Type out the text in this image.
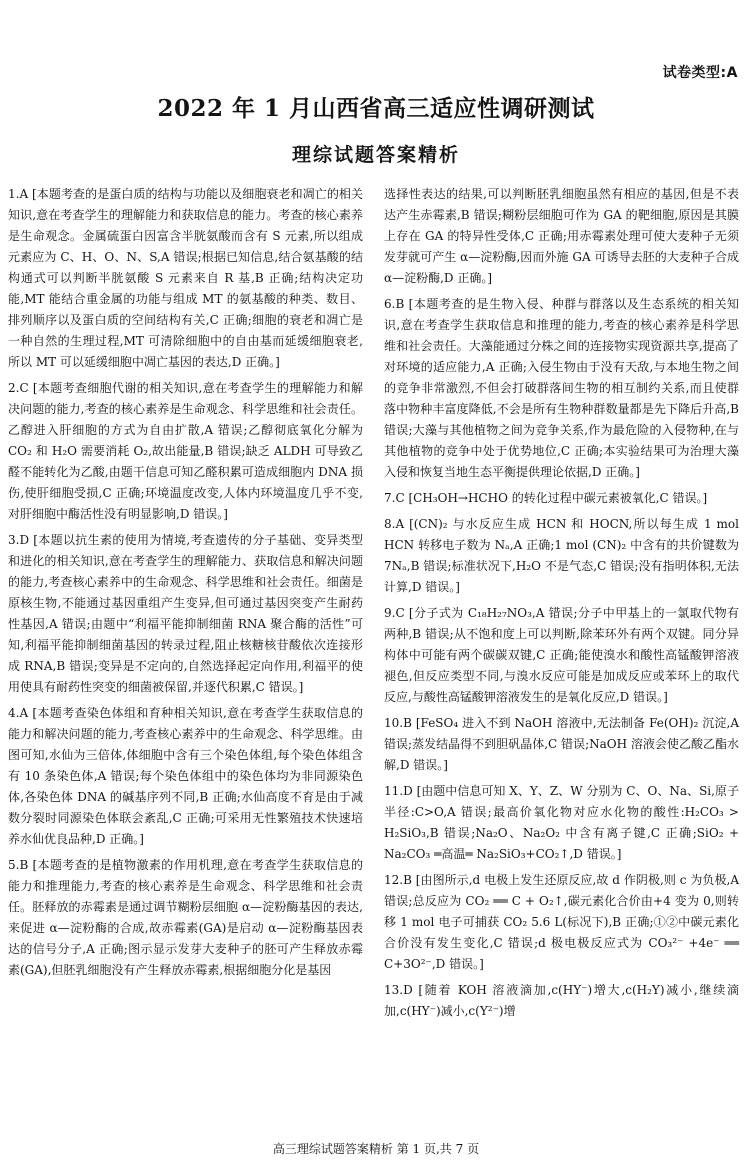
试卷类型:A
2022 年 1 月山西省高三适应性调研测试
理综试题答案精析

1.A [本题考查的是蛋白质的结构与功能以及细胞衰老和凋亡的相关知识,意在考查学生的理解能力和获取信息的能力。考查的核心素养是生命观念。金属硫蛋白因富含半胱氨酸而含有 S 元素,所以组成元素应为 C、H、O、N、S,A 错误;根据已知信息,结合氨基酸的结构通式可以判断半胱氨酸 S 元素来自 R 基,B 正确;结构决定功能,MT 能结合重金属的功能与组成 MT 的氨基酸的种类、数目、排列顺序以及蛋白质的空间结构有关,C 正确;细胞的衰老和凋亡是一种自然的生理过程,MT 可清除细胞中的自由基而延缓细胞衰老,所以 MT 可以延缓细胞中凋亡基因的表达,D 正确。]

2.C [本题考查细胞代谢的相关知识,意在考查学生的理解能力和解决问题的能力,考查的核心素养是生命观念、科学思维和社会责任。乙醇进入肝细胞的方式为自由扩散,A 错误;乙醇彻底氧化分解为 CO₂ 和 H₂O 需要消耗 O₂,故出能量,B 错误;缺乏 ALDH 可导致乙醛不能转化为乙酸,由题干信息可知乙醛积累可造成细胞内 DNA 损伤,使肝细胞受损,C 正确;环境温度改变,人体内环境温度几乎不变,对肝细胞中酶活性没有明显影响,D 错误。]

3.D [本题以抗生素的使用为情境,考查遗传的分子基础、变异类型和进化的相关知识,意在考查学生的理解能力、获取信息和解决问题的能力,考查核心素养中的生命观念、科学思维和社会责任。细菌是原核生物,不能通过基因重组产生变异,但可通过基因突变产生耐药性基因,A 错误;由题中“利福平能抑制细菌 RNA 聚合酶的活性”可知,利福平能抑制细菌基因的转录过程,阻止核糖核苷酸依次连接形成 RNA,B 错误;变异是不定向的,自然选择起定向作用,利福平的使用使具有耐药性突变的细菌被保留,并逐代积累,C 错误。]

4.A [本题考查染色体组和育种相关知识,意在考查学生获取信息的能力和解决问题的能力,考查核心素养中的生命观念、科学思维。由图可知,水仙为三倍体,体细胞中含有三个染色体组,每个染色体组含有 10 条染色体,A 错误;每个染色体组中的染色体均为非同源染色体,各染色体 DNA 的碱基序列不同,B 正确;水仙高度不育是由于减数分裂时同源染色体联会紊乱,C 正确;可采用无性繁殖技术快速培养水仙优良品种,D 正确。]

5.B [本题考查的是植物激素的作用机理,意在考查学生获取信息的能力和推理能力,考查的核心素养是生命观念、科学思维和社会责任。胚释放的赤霉素是通过调节糊粉层细胞 α—淀粉酶基因的表达,来促进 α—淀粉酶的合成,故赤霉素(GA)是启动 α—淀粉酶基因表达的信号分子,A 正确;图示显示发芽大麦种子的胚可产生释放赤霉素(GA),但胚乳细胞没有产生释放赤霉素,根据细胞分化是基因

选择性表达的结果,可以判断胚乳细胞虽然有相应的基因,但是不表达产生赤霉素,B 错误;糊粉层细胞可作为 GA 的靶细胞,原因是其膜上存在 GA 的特异性受体,C 正确;用赤霉素处理可使大麦种子无须发芽就可产生 α—淀粉酶,因而外施 GA 可诱导去胚的大麦种子合成 α—淀粉酶,D 正确。]

6.B [本题考查的是生物入侵、种群与群落以及生态系统的相关知识,意在考查学生获取信息和推理的能力,考查的核心素养是科学思维和社会责任。大藻能通过分株之间的连接物实现资源共享,提高了对环境的适应能力,A 正确;入侵生物由于没有天敌,与本地生物之间的竞争非常激烈,不但会打破群落间生物的相互制约关系,而且使群落中物种丰富度降低,不会是所有生物种群数量都是先下降后升高,B 错误;大藻与其他植物之间为竞争关系,作为最危险的入侵物种,在与其他植物的竞争中处于优势地位,C 正确;本实验结果可为治理大藻入侵和恢复当地生态平衡提供理论依据,D 正确。]

7.C [CH₃OH→HCHO 的转化过程中碳元素被氧化,C 错误。]

8.A [(CN)₂ 与水反应生成 HCN 和 HOCN,所以每生成 1 mol HCN 转移电子数为 Nₐ,A 正确;1 mol (CN)₂ 中含有的共价键数为 7Nₐ,B 错误;标准状况下,H₂O 不是气态,C 错误;没有指明体积,无法计算,D 错误。]

9.C [分子式为 C₁₈H₂₇NO₃,A 错误;分子中甲基上的一氯取代物有两种,B 错误;从不饱和度上可以判断,除苯环外有两个双键。同分异构体中可能有两个碳碳双键,C 正确;能使溴水和酸性高锰酸钾溶液褪色,但反应类型不同,与溴水反应可能是加成反应或苯环上的取代反应,与酸性高锰酸钾溶液发生的是氧化反应,D 错误。]

10.B [FeSO₄ 进入不到 NaOH 溶液中,无法制备 Fe(OH)₂ 沉淀,A 错误;蒸发结晶得不到胆矾晶体,C 错误;NaOH 溶液会使乙酸乙酯水解,D 错误。]

11.D [由题中信息可知 X、Y、Z、W 分别为 C、O、Na、Si,原子半径:C>O,A 错误;最高价氧化物对应水化物的酸性:H₂CO₃ > H₂SiO₃,B 错误;Na₂O、Na₂O₂ 中含有离子键,C 正确;SiO₂ + Na₂CO₃ ═高温═ Na₂SiO₃+CO₂↑,D 错误。]

12.B [由图所示,d 电极上发生还原反应,故 d 作阴极,则 c 为负极,A 错误;总反应为 CO₂ ══ C + O₂↑,碳元素化合价由+4 变为 0,则转移 1 mol 电子可捕获 CO₂ 5.6 L(标况下),B 正确;①②中碳元素化合价没有发生变化,C 错误;d 极电极反应式为 CO₃²⁻ +4e⁻ ══ C+3O²⁻,D 错误。]

13.D [随着 KOH 溶液滴加,c(HY⁻)增大,c(H₂Y)减小,继续滴加,c(HY⁻)减小,c(Y²⁻)增

高三理综试题答案精析 第 1 页,共 7 页
